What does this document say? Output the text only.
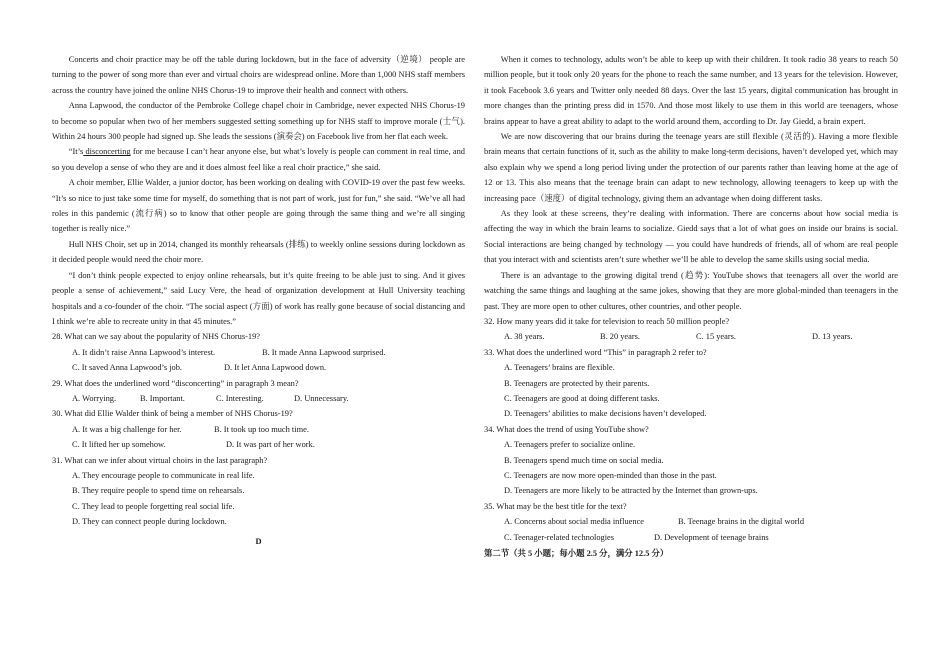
Concerts and choir practice may be off the table during lockdown, but in the face of adversity（逆境） people are turning to the power of song more than ever and virtual choirs are widespread online. More than 1,000 NHS staff members across the country have joined the online NHS Chorus-19 to improve their health and connect with others.

Anna Lapwood, the conductor of the Pembroke College chapel choir in Cambridge, never expected NHS Chorus-19 to become so popular when two of her members suggested setting something up for NHS staff to improve morale (士气). Within 24 hours 300 people had signed up. She leads the sessions (演奏会) on Facebook live from her flat each week.

“It’s disconcerting for me because I can’t hear anyone else, but what’s lovely is people can comment in real time, and so you develop a sense of who they are and it does almost feel like a real choir practice,” she said.

A choir member, Ellie Walder, a junior doctor, has been working on dealing with COVID-19 over the past few weeks. “It’s so nice to just take some time for myself, do something that is not part of work, just for fun,” she said. “We’ve all had roles in this pandemic (流行病) so to know that other people are going through the same thing and we’re all singing together is really nice.”

Hull NHS Choir, set up in 2014, changed its monthly rehearsals (排练) to weekly online sessions during lockdown as it decided people would need the choir more.

“I don’t think people expected to enjoy online rehearsals, but it’s quite freeing to be able just to sing. And it gives people a sense of achievement,” said Lucy Vere, the head of organization development at Hull University teaching hospitals and a co-founder of the choir. “The social aspect (方面) of work has really gone because of social distancing and I think we’re able to recreate unity in that 45 minutes.”

28. What can we say about the popularity of NHS Chorus-19?

A. It didn’t raise Anna Lapwood’s interest.	B. It made Anna Lapwood surprised.
C. It saved Anna Lapwood’s job.	D. It let Anna Lapwood down.

29. What does the underlined word “disconcerting” in paragraph 3 mean?

A. Worrying.	B. Important.	C. Interesting.	D. Unnecessary.

30. What did Ellie Walder think of being a member of NHS Chorus-19?

A. It was a big challenge for her.	B. It took up too much time.
C. It lifted her up somehow.	D. It was part of her work.

31. What can we infer about virtual choirs in the last paragraph?

A. They encourage people to communicate in real life.

B. They require people to spend time on rehearsals.

C. They lead to people forgetting real social life.

D. They can connect people during lockdown.

D

When it comes to technology, adults won’t be able to keep up with their children. It took radio 38 years to reach 50 million people, but it took only 20 years for the phone to reach the same number, and 13 years for the television. However, it took Facebook 3.6 years and Twitter only needed 88 days. Over the last 15 years, digital communication has brought in more changes than the printing press did in 1570. And those most likely to use them in this world are teenagers, whose brains appear to have a great ability to adapt to the world around them, according to Dr. Jay Giedd, a brain expert.

We are now discovering that our brains during the teenage years are still flexible (灵活的). Having a more flexible brain means that certain functions of it, such as the ability to make long-term decisions, haven’t developed yet, which may also explain why we spend a long period living under the protection of our parents rather than leaving home at the age of 12 or 13. This also means that the teenage brain can adapt to new technology, allowing teenagers to keep up with the increasing pace（速度）of digital technology, giving them an advantage when doing different tasks.

As they look at these screens, they’re dealing with information. There are concerns about how social media is affecting the way in which the brain learns to socialize. Giedd says that a lot of what goes on inside our brains is social. Social interactions are being changed by technology — you could have hundreds of friends, all of whom are real people that you interact with and scientists aren’t sure whether we’ll be able to develop the same skills using social media.

There is an advantage to the growing digital trend (趋势): YouTube shows that teenagers all over the world are watching the same things and laughing at the same jokes, showing that they are more global-minded than teenagers in the past. They are more open to other cultures, other countries, and other people.

32. How many years did it take for television to reach 50 million people?

A. 38 years.	B. 20 years.	C. 15 years.	D. 13 years.

33. What does the underlined word “This” in paragraph 2 refer to?

A. Teenagers’ brains are flexible.

B. Teenagers are protected by their parents.

C. Teenagers are good at doing different tasks.

D. Teenagers’ abilities to make decisions haven’t developed.

34. What does the trend of using YouTube show?

A. Teenagers prefer to socialize online.

B. Teenagers spend much time on social media.

C. Teenagers are now more open-minded than those in the past.

D. Teenagers are more likely to be attracted by the Internet than grown-ups.

35. What may be the best title for the text?

A. Concerns about social media influence	B. Teenage brains in the digital world
C. Teenager-related technologies	D. Development of teenage brains

第二节（共 5 小题；每小题 2.5 分，满分 12.5 分）
